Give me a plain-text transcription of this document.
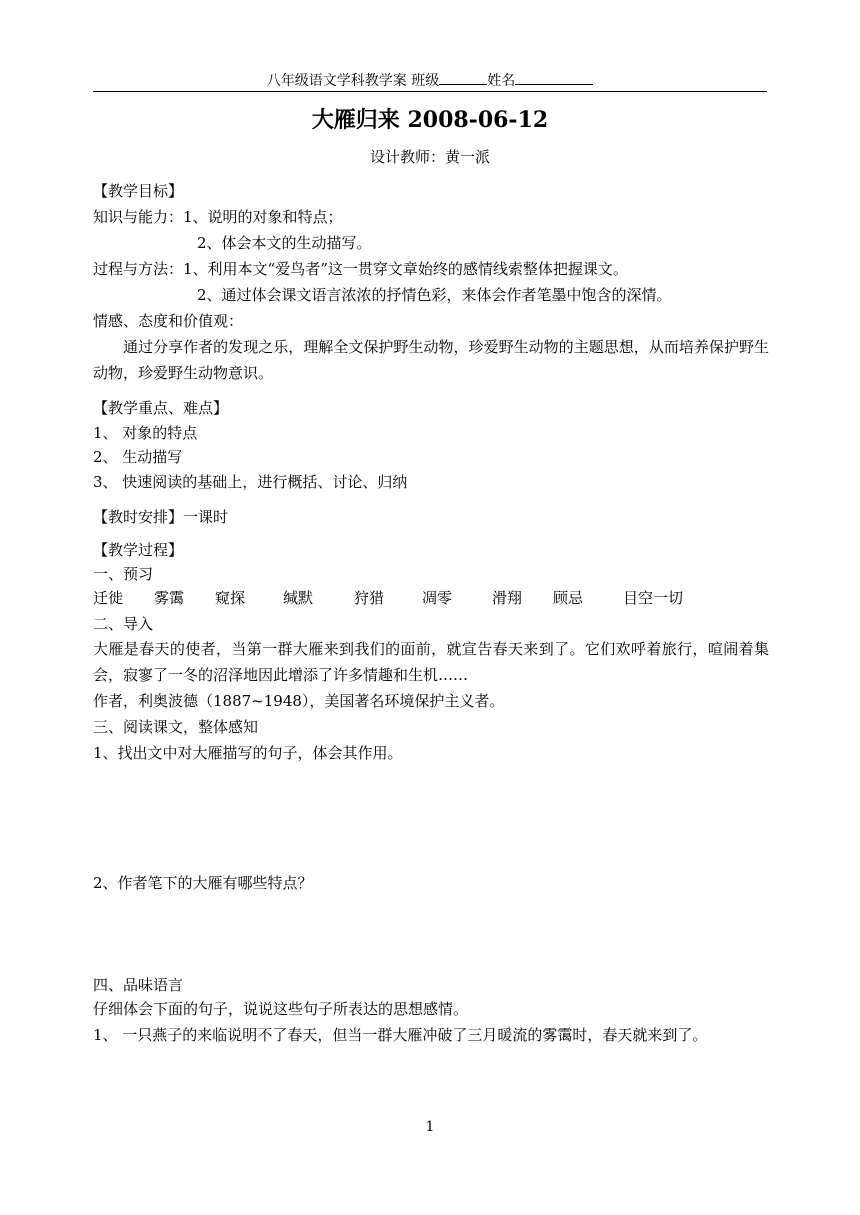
八年级语文学科教学案 班级	姓名
大雁归来 2008-06-12
设计教师：黄一派
【教学目标】
知识与能力：1、说明的对象和特点；
2、体会本文的生动描写。
过程与方法：1、利用本文“爱鸟者”这一贯穿文章始终的感情线索整体把握课文。
2、通过体会课文语言浓浓的抒情色彩，来体会作者笔墨中饱含的深情。
情感、态度和价值观：
通过分享作者的发现之乐，理解全文保护野生动物，珍爱野生动物的主题思想，从而培养保护野生动物，珍爱野生动物意识。
【教学重点、难点】
1、 对象的特点
2、 生动描写
3、 快速阅读的基础上，进行概括、讨论、归纳
【教时安排】一课时
【教学过程】
一、预习
迁徙 雾霭 窥探	缄默	狩猎	凋零	滑翔 顾忌	目空一切
二、导入
大雁是春天的使者，当第一群大雁来到我们的面前，就宣告春天来到了。它们欢呼着旅行，喧闹着集会，寂寥了一冬的沼泽地因此增添了许多情趣和生机……
作者，利奥波德（1887~1948），美国著名环境保护主义者。
三、阅读课文，整体感知
1、找出文中对大雁描写的句子，体会其作用。
2、作者笔下的大雁有哪些特点？
四、品味语言
仔细体会下面的句子，说说这些句子所表达的思想感情。
1、 一只燕子的来临说明不了春天，但当一群大雁冲破了三月暖流的雾霭时，春天就来到了。
1
